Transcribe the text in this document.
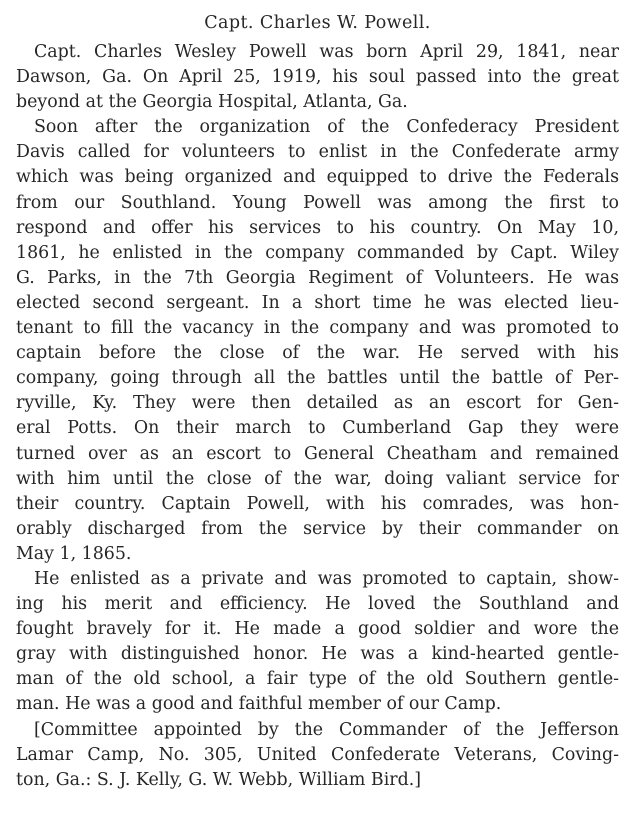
Capt. Charles W. Powell.
Capt. Charles Wesley Powell was born April 29, 1841, near
Dawson, Ga. On April 25, 1919, his soul passed into the great
beyond at the Georgia Hospital, Atlanta, Ga.
Soon after the organization of the Confederacy President
Davis called for volunteers to enlist in the Confederate army
which was being organized and equipped to drive the Federals
from our Southland. Young Powell was among the first to
respond and offer his services to his country. On May 10,
1861, he enlisted in the company commanded by Capt. Wiley
G. Parks, in the 7th Georgia Regiment of Volunteers. He was
elected second sergeant. In a short time he was elected lieu-
tenant to fill the vacancy in the company and was promoted to
captain before the close of the war. He served with his
company, going through all the battles until the battle of Per-
ryville, Ky. They were then detailed as an escort for Gen-
eral Potts. On their march to Cumberland Gap they were
turned over as an escort to General Cheatham and remained
with him until the close of the war, doing valiant service for
their country. Captain Powell, with his comrades, was hon-
orably discharged from the service by their commander on
May 1, 1865.
He enlisted as a private and was promoted to captain, show-
ing his merit and efficiency. He loved the Southland and
fought bravely for it. He made a good soldier and wore the
gray with distinguished honor. He was a kind-hearted gentle-
man of the old school, a fair type of the old Southern gentle-
man. He was a good and faithful member of our Camp.
[Committee appointed by the Commander of the Jefferson
Lamar Camp, No. 305, United Confederate Veterans, Coving-
ton, Ga.: S. J. Kelly, G. W. Webb, William Bird.]
